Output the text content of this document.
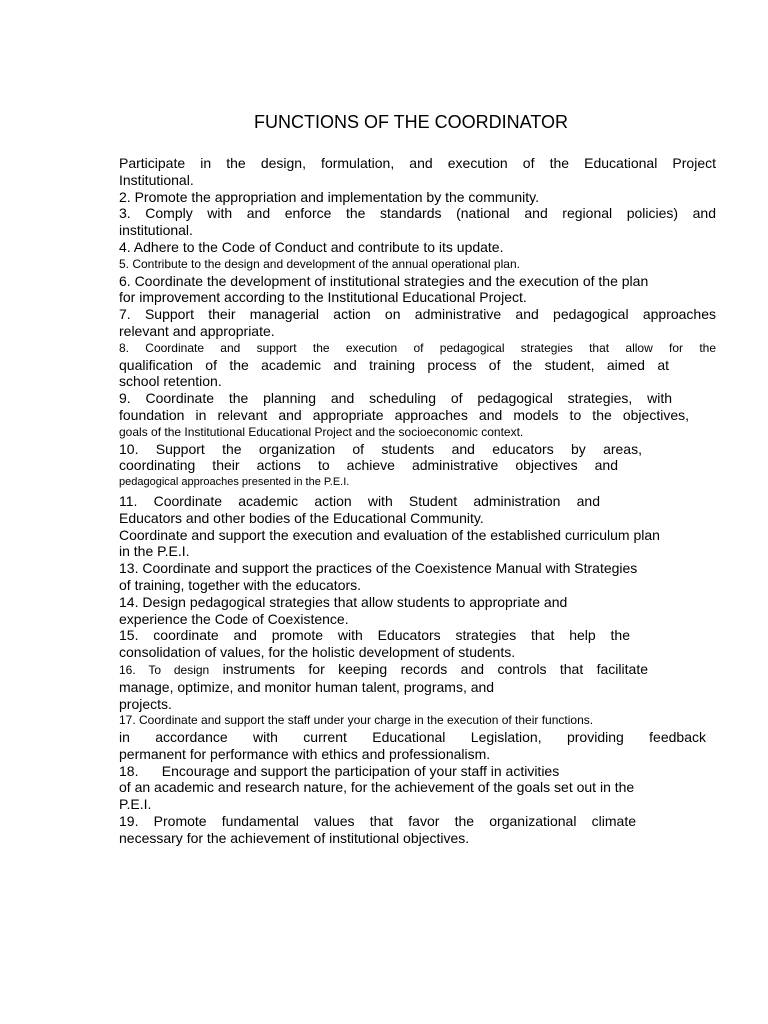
FUNCTIONS OF THE COORDINATOR
Participate in the design, formulation, and execution of the Educational Project
Institutional.
2. Promote the appropriation and implementation by the community.
3. Comply with and enforce the standards (national and regional policies) and
institutional.
4. Adhere to the Code of Conduct and contribute to its update.
5. Contribute to the design and development of the annual operational plan.
6. Coordinate the development of institutional strategies and the execution of the plan
for improvement according to the Institutional Educational Project.
7. Support their managerial action on administrative and pedagogical approaches
relevant and appropriate.
8. Coordinate and support the execution of pedagogical strategies that allow for the
qualification of the academic and training process of the student, aimed at
school retention.
9. Coordinate the planning and scheduling of pedagogical strategies, with
foundation in relevant and appropriate approaches and models to the objectives,
goals of the Institutional Educational Project and the socioeconomic context.
10. Support the organization of students and educators by areas,
coordinating their actions to achieve administrative objectives and
pedagogical approaches presented in the P.E.I.
11. Coordinate academic action with Student administration and
Educators and other bodies of the Educational Community.
Coordinate and support the execution and evaluation of the established curriculum plan
in the P.E.I.
13. Coordinate and support the practices of the Coexistence Manual with Strategies
of training, together with the educators.
14. Design pedagogical strategies that allow students to appropriate and
experience the Code of Coexistence.
15. coordinate and promote with Educators strategies that help the
consolidation of values, for the holistic development of students.
16. To design instruments for keeping records and controls that facilitate
manage, optimize, and monitor human talent, programs, and
projects.
17. Coordinate and support the staff under your charge in the execution of their functions.
in accordance with current Educational Legislation, providing feedback
permanent for performance with ethics and professionalism.
18.      Encourage and support the participation of your staff in activities
of an academic and research nature, for the achievement of the goals set out in the
P.E.I.
19. Promote fundamental values that favor the organizational climate
necessary for the achievement of institutional objectives.
